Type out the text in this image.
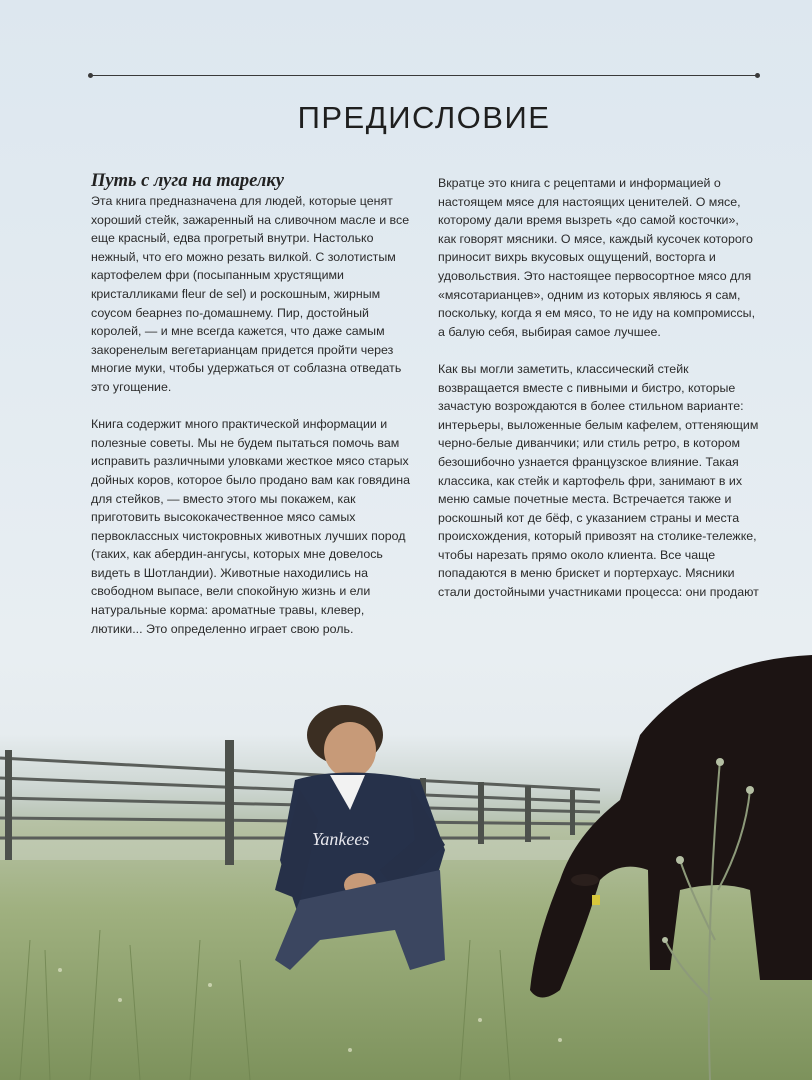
Yankees
ПРЕДИСЛОВИЕ
Путь с луга на тарелку

Эта книга предназначена для людей, которые ценят хороший стейк, зажаренный на сливочном масле и все еще красный, едва прогретый внутри. Настолько нежный, что его можно резать вилкой. С золотистым картофелем фри (посыпанным хрустящими кристалликами fleur de sel) и роскошным, жирным соусом беарнез по-домашнему. Пир, достойный королей, — и мне всегда кажется, что даже самым закоренелым вегетарианцам придется пройти через многие муки, чтобы удержаться от соблазна отведать это угощение.

Книга содержит много практической информации и полезные советы. Мы не будем пытаться помочь вам исправить различными уловками жесткое мясо старых дойных коров, которое было продано вам как говядина для стейков, — вместо этого мы покажем, как приготовить высококачественное мясо самых первоклассных чистокровных животных лучших пород (таких, как абердин-ангусы, которых мне довелось видеть в Шотландии). Животные находились на свободном выпасе, вели спокойную жизнь и ели натуральные корма: ароматные травы, клевер, лютики... Это определенно играет свою роль.

Вкратце это книга с рецептами и информацией о настоящем мясе для настоящих ценителей. О мясе, которому дали время вызреть «до самой косточки», как говорят мясники. О мясе, каждый кусочек которого приносит вихрь вкусовых ощущений, восторга и удовольствия. Это настоящее первосортное мясо для «мясотарианцев», одним из которых являюсь я сам, поскольку, когда я ем мясо, то не иду на компромиссы, а балую себя, выбирая самое лучшее.

Как вы могли заметить, классический стейк возвращается вместе с пивными и бистро, которые зачастую возрождаются в более стильном варианте: интерьеры, выложенные белым кафелем, оттеняющим черно-белые диванчики; или стиль ретро, в котором безошибочно узнается французское влияние. Такая классика, как стейк и картофель фри, занимают в их меню самые почетные места. Встречается также и роскошный кот де бёф, с указанием страны и места происхождения, который привозят на столике-тележке, чтобы нарезать прямо около клиента. Все чаще попадаются в меню брискет и портерхаус. Мясники стали достойными участниками процесса: они продают
